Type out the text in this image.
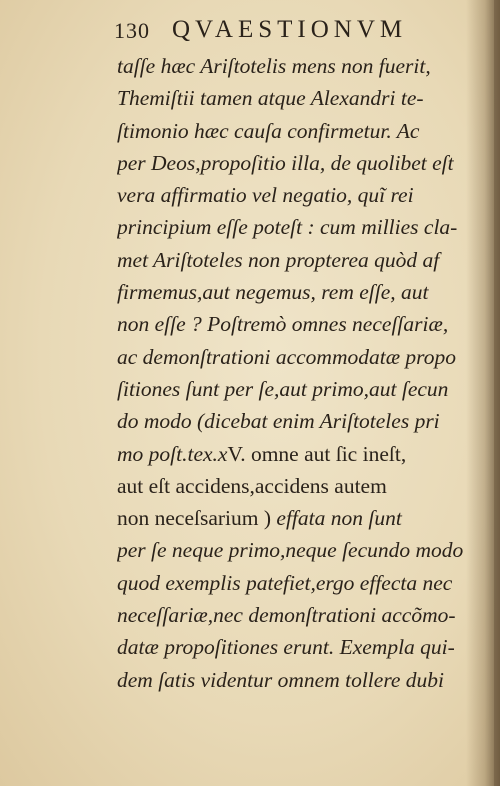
130 QVAESTIONVM
taſſe hæc Ariſtotelis mens non fuerit,
Themiſtii tamen atque Alexandri te-
ſtimonio hæc cauſa confirmetur. Ac
per Deos,propoſitio illa, de quolibet eſt
vera affirmatio vel negatio, quĩ rei
principium eſſe poteſt : cum millies cla-
met Ariſtoteles non propterea quòd af
firmemus,aut negemus, rem eſſe, aut
non eſſe ? Poſtremò omnes neceſſariæ,
ac demonſtrationi accommodatæ propo
ſitiones ſunt per ſe,aut primo,aut ſecun
do modo (dicebat enim Ariſtoteles pri
mo poſt.tex.xV. omne aut ſic ineſt,
aut eſt accidens,accidens autem
non neceſsarium ) effata non ſunt
per ſe neque primo,neque ſecundo modo
quod exemplis patefiet,ergo effecta nec
neceſſariæ,nec demonſtrationi accõmo-
datæ propoſitiones erunt. Exempla qui-
dem ſatis videntur omnem tollere dubi
